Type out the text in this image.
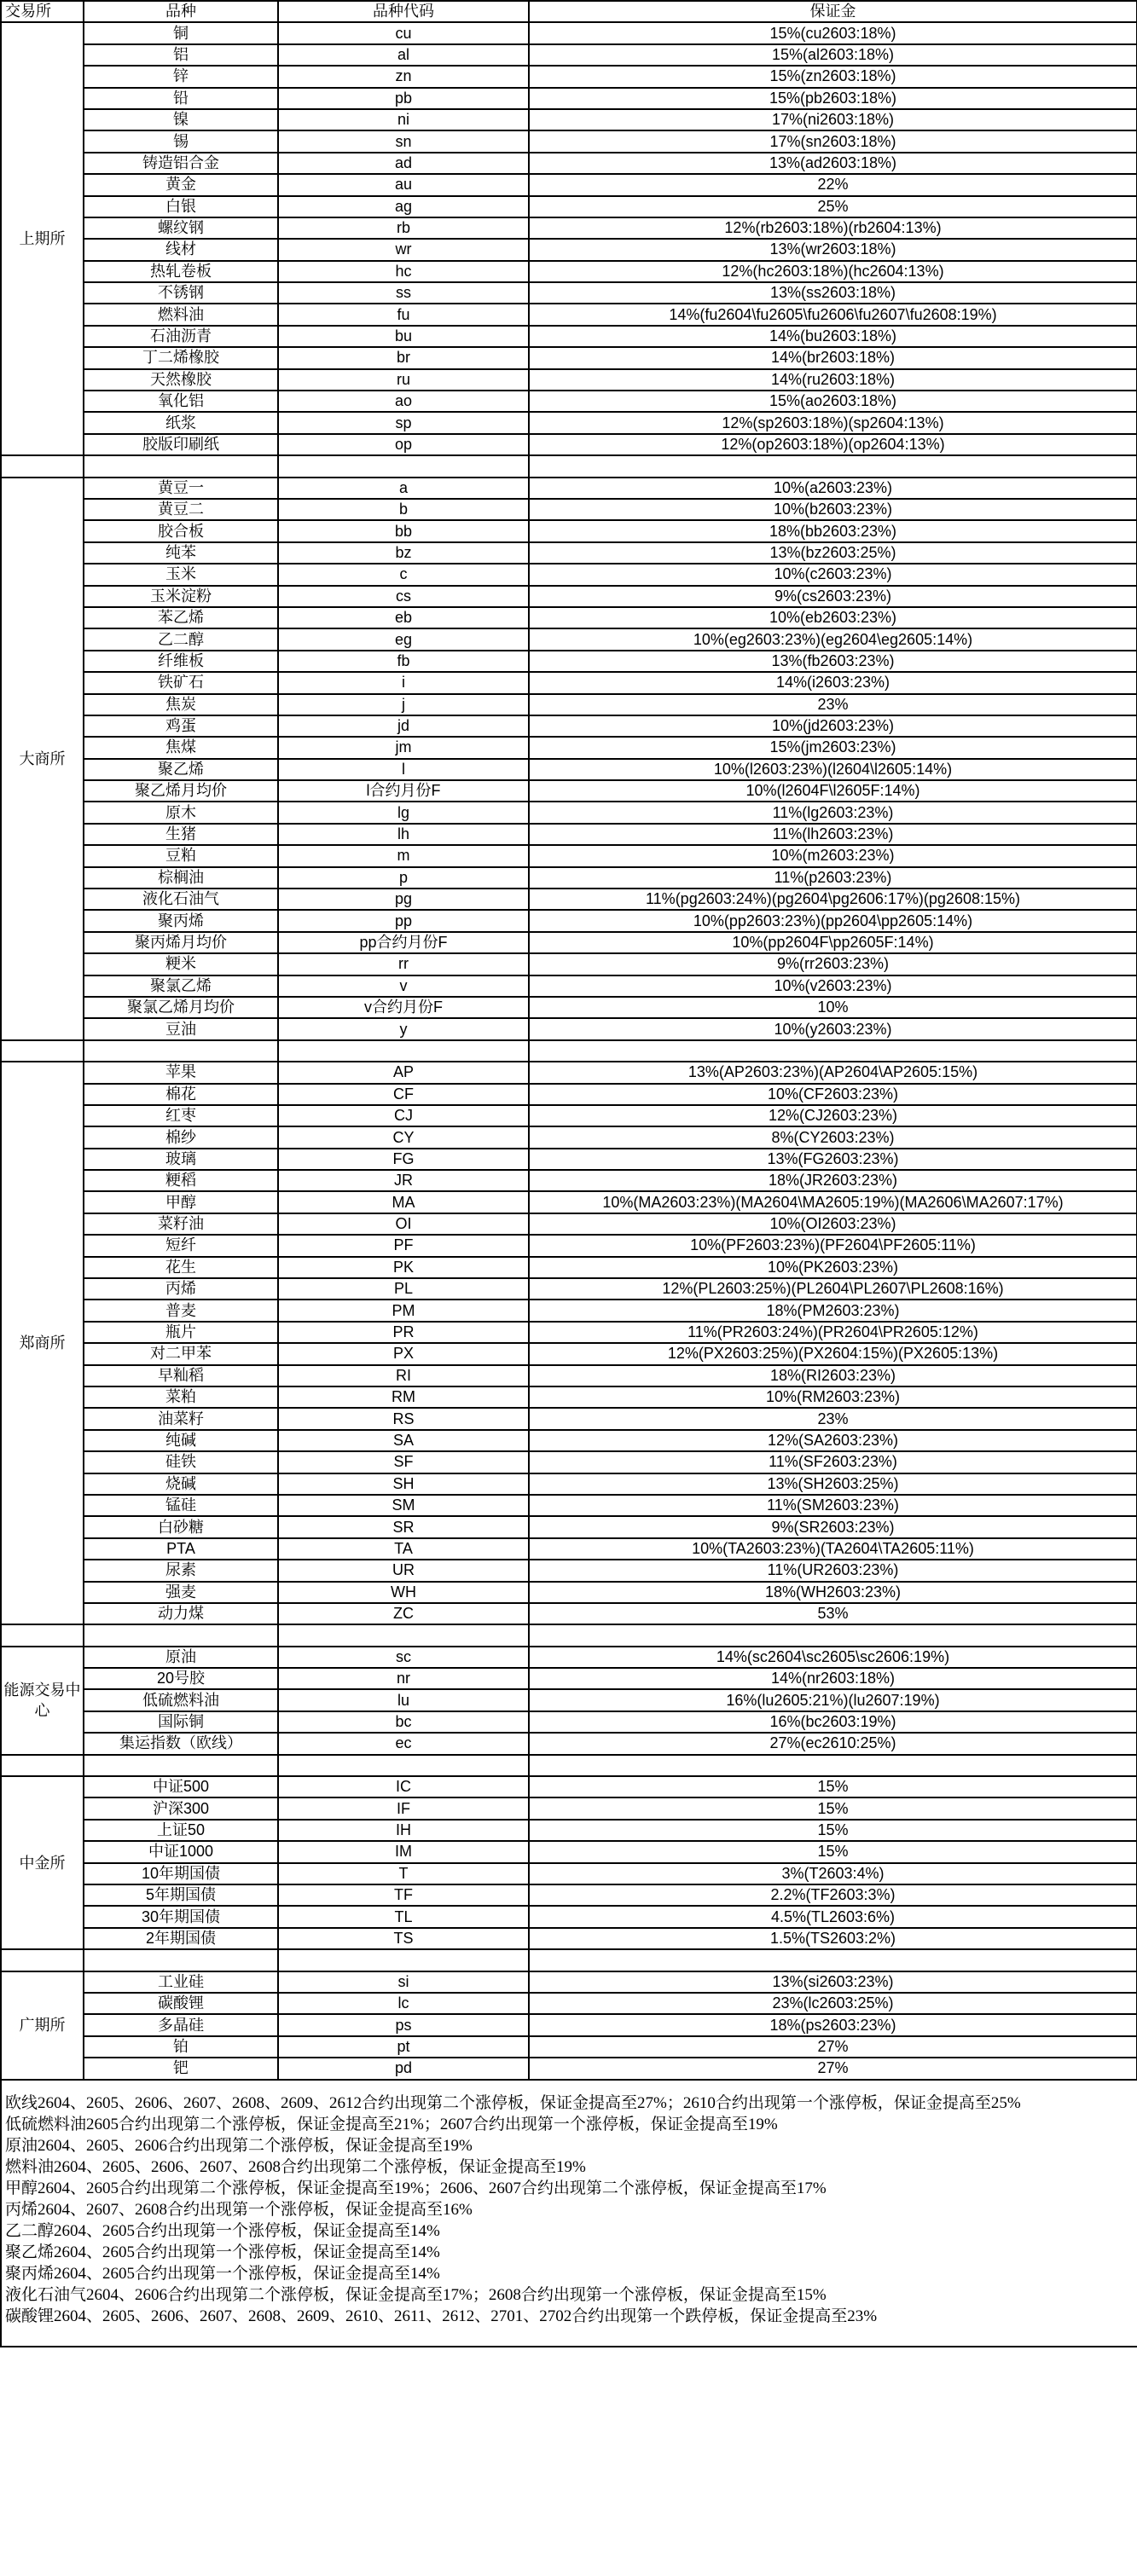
交易所	品种	品种代码	保证金
上期所	铜	cu	15%(cu2603:18%)
	铝	al	15%(al2603:18%)
	锌	zn	15%(zn2603:18%)
	铅	pb	15%(pb2603:18%)
	镍	ni	17%(ni2603:18%)
	锡	sn	17%(sn2603:18%)
	铸造铝合金	ad	13%(ad2603:18%)
	黄金	au	22%
	白银	ag	25%
	螺纹钢	rb	12%(rb2603:18%)(rb2604:13%)
	线材	wr	13%(wr2603:18%)
	热轧卷板	hc	12%(hc2603:18%)(hc2604:13%)
	不锈钢	ss	13%(ss2603:18%)
	燃料油	fu	14%(fu2604\fu2605\fu2606\fu2607\fu2608:19%)
	石油沥青	bu	14%(bu2603:18%)
	丁二烯橡胶	br	14%(br2603:18%)
	天然橡胶	ru	14%(ru2603:18%)
	氧化铝	ao	15%(ao2603:18%)
	纸浆	sp	12%(sp2603:18%)(sp2604:13%)
	胶版印刷纸	op	12%(op2603:18%)(op2604:13%)

大商所	黄豆一	a	10%(a2603:23%)
	黄豆二	b	10%(b2603:23%)
	胶合板	bb	18%(bb2603:23%)
	纯苯	bz	13%(bz2603:25%)
	玉米	c	10%(c2603:23%)
	玉米淀粉	cs	9%(cs2603:23%)
	苯乙烯	eb	10%(eb2603:23%)
	乙二醇	eg	10%(eg2603:23%)(eg2604\eg2605:14%)
	纤维板	fb	13%(fb2603:23%)
	铁矿石	i	14%(i2603:23%)
	焦炭	j	23%
	鸡蛋	jd	10%(jd2603:23%)
	焦煤	jm	15%(jm2603:23%)
	聚乙烯	l	10%(l2603:23%)(l2604\l2605:14%)
	聚乙烯月均价	l合约月份F	10%(l2604F\l2605F:14%)
	原木	lg	11%(lg2603:23%)
	生猪	lh	11%(lh2603:23%)
	豆粕	m	10%(m2603:23%)
	棕榈油	p	11%(p2603:23%)
	液化石油气	pg	11%(pg2603:24%)(pg2604\pg2606:17%)(pg2608:15%)
	聚丙烯	pp	10%(pp2603:23%)(pp2604\pp2605:14%)
	聚丙烯月均价	pp合约月份F	10%(pp2604F\pp2605F:14%)
	粳米	rr	9%(rr2603:23%)
	聚氯乙烯	v	10%(v2603:23%)
	聚氯乙烯月均价	v合约月份F	10%
	豆油	y	10%(y2603:23%)

郑商所	苹果	AP	13%(AP2603:23%)(AP2604\AP2605:15%)
	棉花	CF	10%(CF2603:23%)
	红枣	CJ	12%(CJ2603:23%)
	棉纱	CY	8%(CY2603:23%)
	玻璃	FG	13%(FG2603:23%)
	粳稻	JR	18%(JR2603:23%)
	甲醇	MA	10%(MA2603:23%)(MA2604\MA2605:19%)(MA2606\MA2607:17%)
	菜籽油	OI	10%(OI2603:23%)
	短纤	PF	10%(PF2603:23%)(PF2604\PF2605:11%)
	花生	PK	10%(PK2603:23%)
	丙烯	PL	12%(PL2603:25%)(PL2604\PL2607\PL2608:16%)
	普麦	PM	18%(PM2603:23%)
	瓶片	PR	11%(PR2603:24%)(PR2604\PR2605:12%)
	对二甲苯	PX	12%(PX2603:25%)(PX2604:15%)(PX2605:13%)
	早籼稻	RI	18%(RI2603:23%)
	菜粕	RM	10%(RM2603:23%)
	油菜籽	RS	23%
	纯碱	SA	12%(SA2603:23%)
	硅铁	SF	11%(SF2603:23%)
	烧碱	SH	13%(SH2603:25%)
	锰硅	SM	11%(SM2603:23%)
	白砂糖	SR	9%(SR2603:23%)
	PTA	TA	10%(TA2603:23%)(TA2604\TA2605:11%)
	尿素	UR	11%(UR2603:23%)
	强麦	WH	18%(WH2603:23%)
	动力煤	ZC	53%

能源交易中心	原油	sc	14%(sc2604\sc2605\sc2606:19%)
	20号胶	nr	14%(nr2603:18%)
	低硫燃料油	lu	16%(lu2605:21%)(lu2607:19%)
	国际铜	bc	16%(bc2603:19%)
	集运指数（欧线）	ec	27%(ec2610:25%)

中金所	中证500	IC	15%
	沪深300	IF	15%
	上证50	IH	15%
	中证1000	IM	15%
	10年期国债	T	3%(T2603:4%)
	5年期国债	TF	2.2%(TF2603:3%)
	30年期国债	TL	4.5%(TL2603:6%)
	2年期国债	TS	1.5%(TS2603:2%)

广期所	工业硅	si	13%(si2603:23%)
	碳酸锂	lc	23%(lc2603:25%)
	多晶硅	ps	18%(ps2603:23%)
	铂	pt	27%
	钯	pd	27%
欧线2604、2605、2606、2607、2608、2609、2612合约出现第二个涨停板，保证金提高至27%；2610合约出现第一个涨停板，保证金提高至25%
低硫燃料油2605合约出现第二个涨停板，保证金提高至21%；2607合约出现第一个涨停板，保证金提高至19%
原油2604、2605、2606合约出现第二个涨停板，保证金提高至19%
燃料油2604、2605、2606、2607、2608合约出现第二个涨停板，保证金提高至19%
甲醇2604、2605合约出现第二个涨停板，保证金提高至19%；2606、2607合约出现第二个涨停板，保证金提高至17%
丙烯2604、2607、2608合约出现第一个涨停板，保证金提高至16%
乙二醇2604、2605合约出现第一个涨停板，保证金提高至14%
聚乙烯2604、2605合约出现第一个涨停板，保证金提高至14%
聚丙烯2604、2605合约出现第一个涨停板，保证金提高至14%
液化石油气2604、2606合约出现第二个涨停板，保证金提高至17%；2608合约出现第一个涨停板，保证金提高至15%
碳酸锂2604、2605、2606、2607、2608、2609、2610、2611、2612、2701、2702合约出现第一个跌停板，保证金提高至23%
